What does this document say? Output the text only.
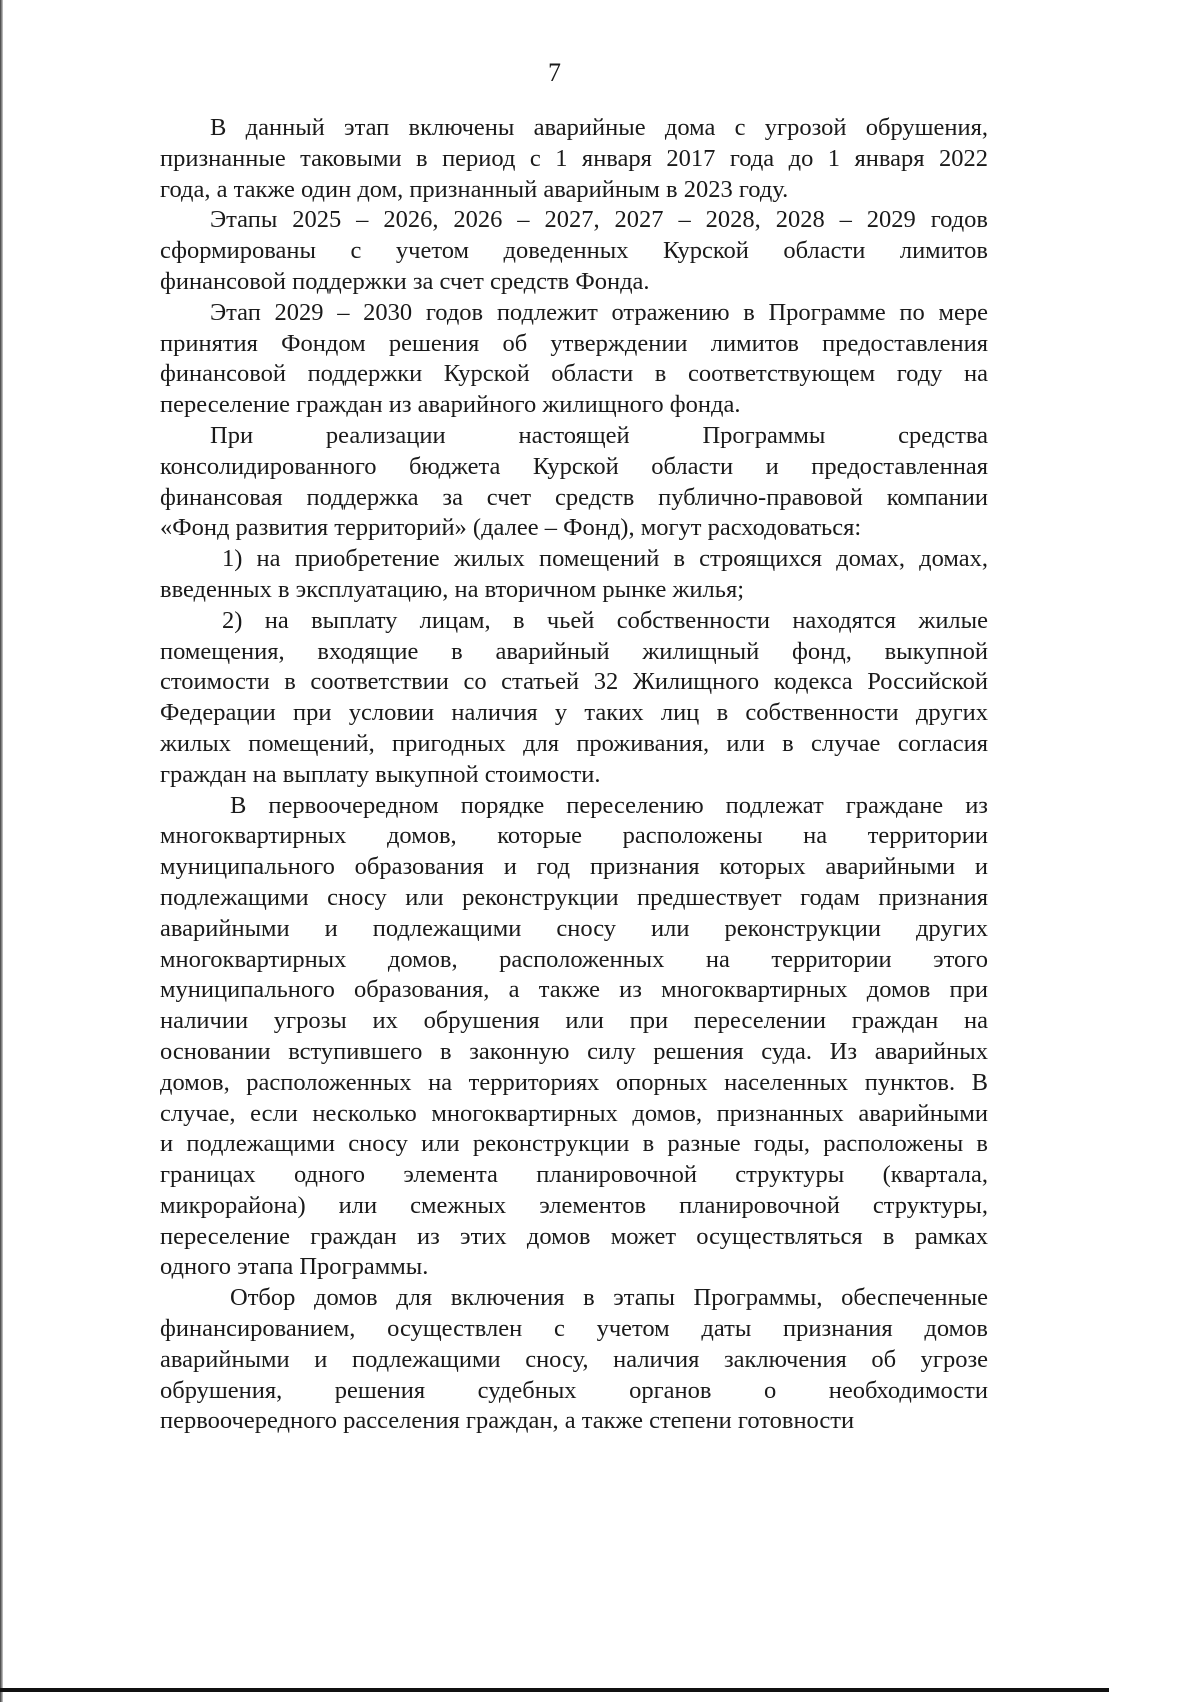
7
В данный этап включены аварийные дома с угрозой обрушения,
признанные таковыми в период с 1 января 2017 года до 1 января 2022
года, а также один дом, признанный аварийным в 2023 году.
Этапы 2025 – 2026, 2026 – 2027, 2027 – 2028, 2028 – 2029 годов
сформированы с учетом доведенных Курской области лимитов
финансовой поддержки за счет средств Фонда.
Этап 2029 – 2030 годов подлежит отражению в Программе по мере
принятия Фондом решения об утверждении лимитов предоставления
финансовой поддержки Курской области в соответствующем году на
переселение граждан из аварийного жилищного фонда.
При реализации настоящей Программы средства
консолидированного бюджета Курской области и предоставленная
финансовая поддержка за счет средств публично-правовой компании
«Фонд развития территорий» (далее – Фонд), могут расходоваться:
1) на приобретение жилых помещений в строящихся домах, домах,
введенных в эксплуатацию, на вторичном рынке жилья;
2) на выплату лицам, в чьей собственности находятся жилые
помещения, входящие в аварийный жилищный фонд, выкупной
стоимости в соответствии со статьей 32 Жилищного кодекса Российской
Федерации при условии наличия у таких лиц в собственности других
жилых помещений, пригодных для проживания, или в случае согласия
граждан на выплату выкупной стоимости.
В первоочередном порядке переселению подлежат граждане из
многоквартирных домов, которые расположены на территории
муниципального образования и год признания которых аварийными и
подлежащими сносу или реконструкции предшествует годам признания
аварийными и подлежащими сносу или реконструкции других
многоквартирных домов, расположенных на территории этого
муниципального образования, а также из многоквартирных домов при
наличии угрозы их обрушения или при переселении граждан на
основании вступившего в законную силу решения суда. Из аварийных
домов, расположенных на территориях опорных населенных пунктов. В
случае, если несколько многоквартирных домов, признанных аварийными
и подлежащими сносу или реконструкции в разные годы, расположены в
границах одного элемента планировочной структуры (квартала,
микрорайона) или смежных элементов планировочной структуры,
переселение граждан из этих домов может осуществляться в рамках
одного этапа Программы.
Отбор домов для включения в этапы Программы, обеспеченные
финансированием, осуществлен с учетом даты признания домов
аварийными и подлежащими сносу, наличия заключения об угрозе
обрушения, решения судебных органов о необходимости
первоочередного расселения граждан, а также степени готовности
